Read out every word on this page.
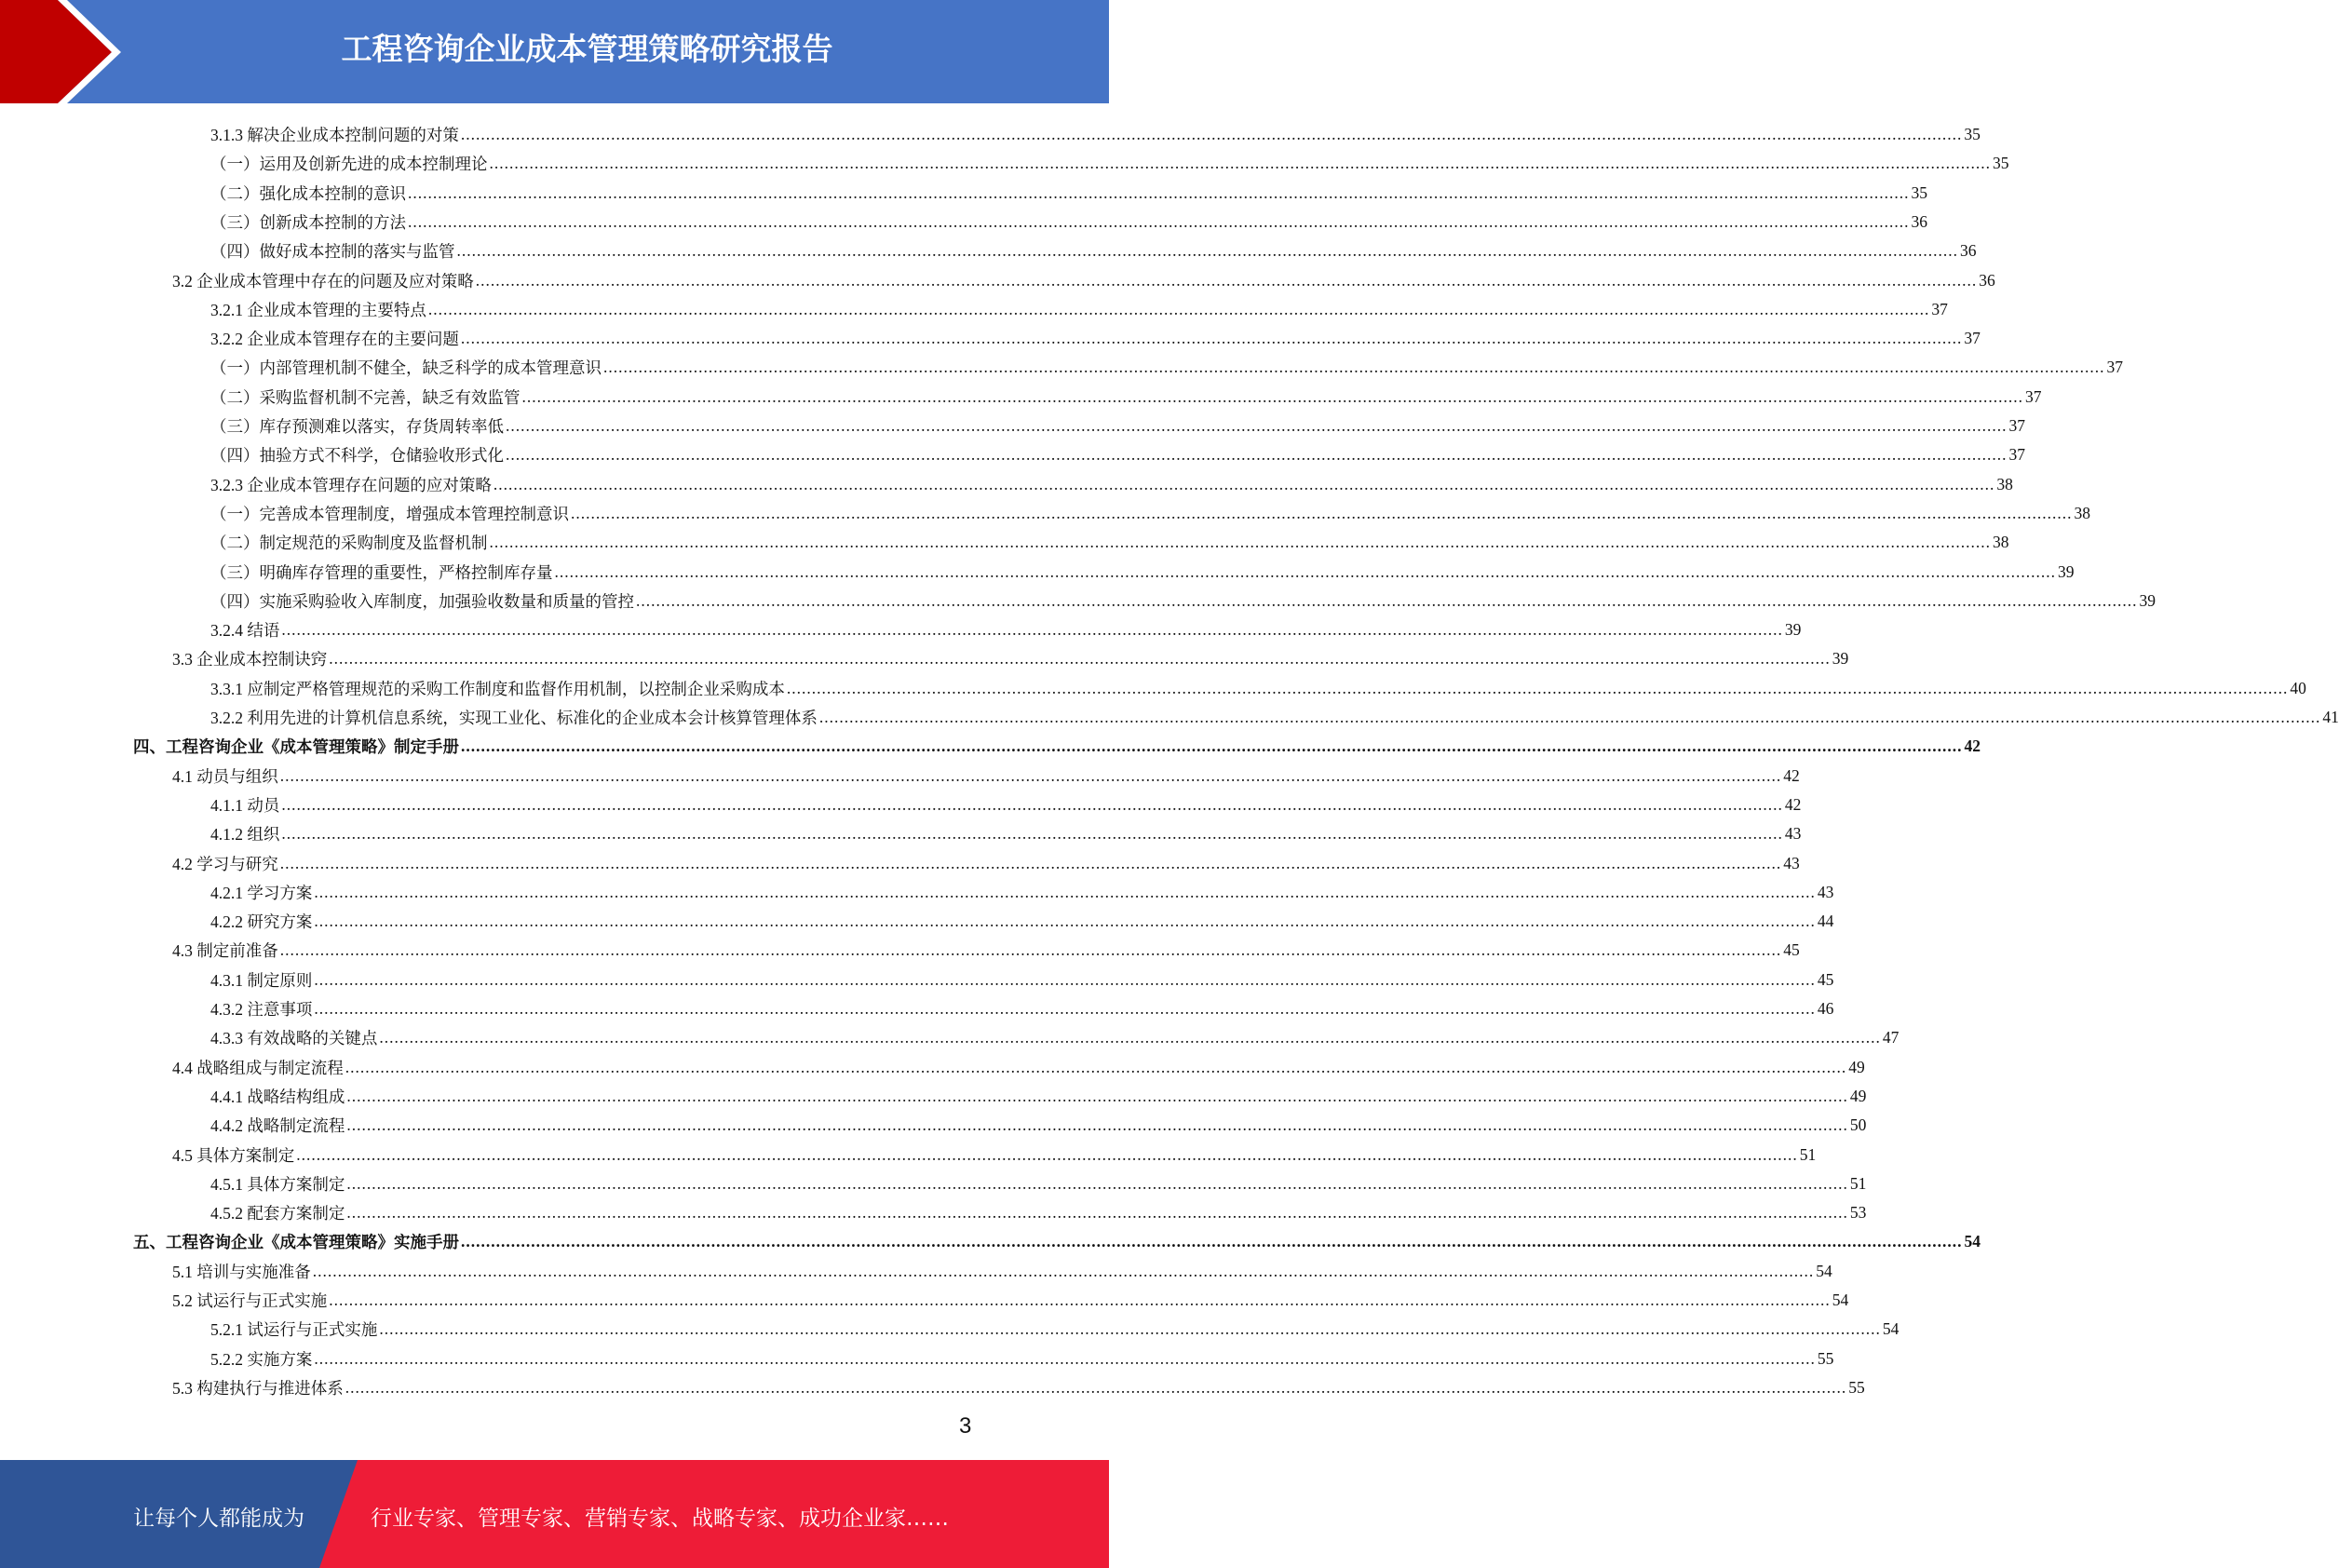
工程咨询企业成本管理策略研究报告
3.1.3 解决企业成本控制问题的对策 ............................................................................................................................................................................................................................................................................................................ 35
（一）运用及创新先进的成本控制理论 ............................................................................................................................................................................................................................................................................................................ 35
（二）强化成本控制的意识 ............................................................................................................................................................................................................................................................................................................ 35
（三）创新成本控制的方法 ............................................................................................................................................................................................................................................................................................................ 36
（四）做好成本控制的落实与监管 ............................................................................................................................................................................................................................................................................................................ 36
3.2 企业成本管理中存在的问题及应对策略 ............................................................................................................................................................................................................................................................................................................ 36
3.2.1 企业成本管理的主要特点 ............................................................................................................................................................................................................................................................................................................ 37
3.2.2 企业成本管理存在的主要问题 ............................................................................................................................................................................................................................................................................................................ 37
（一）内部管理机制不健全，缺乏科学的成本管理意识 ............................................................................................................................................................................................................................................................................................................ 37
（二）采购监督机制不完善，缺乏有效监管 ............................................................................................................................................................................................................................................................................................................ 37
（三）库存预测难以落实，存货周转率低 ............................................................................................................................................................................................................................................................................................................ 37
（四）抽验方式不科学，仓储验收形式化 ............................................................................................................................................................................................................................................................................................................ 37
3.2.3 企业成本管理存在问题的应对策略 ............................................................................................................................................................................................................................................................................................................ 38
（一）完善成本管理制度，增强成本管理控制意识 ............................................................................................................................................................................................................................................................................................................ 38
（二）制定规范的采购制度及监督机制 ............................................................................................................................................................................................................................................................................................................ 38
（三）明确库存管理的重要性，严格控制库存量 ............................................................................................................................................................................................................................................................................................................ 39
（四）实施采购验收入库制度，加强验收数量和质量的管控 ............................................................................................................................................................................................................................................................................................................ 39
3.2.4 结语 ............................................................................................................................................................................................................................................................................................................ 39
3.3 企业成本控制诀窍 ............................................................................................................................................................................................................................................................................................................ 39
3.3.1 应制定严格管理规范的采购工作制度和监督作用机制，以控制企业采购成本 ............................................................................................................................................................................................................................................................................................................ 40
3.2.2 利用先进的计算机信息系统，实现工业化、标准化的企业成本会计核算管理体系 ............................................................................................................................................................................................................................................................................................................ 41
四、工程咨询企业《成本管理策略》制定手册 ............................................................................................................................................................................................................................................................................................................ 42
4.1 动员与组织 ............................................................................................................................................................................................................................................................................................................ 42
4.1.1 动员 ............................................................................................................................................................................................................................................................................................................ 42
4.1.2 组织 ............................................................................................................................................................................................................................................................................................................ 43
4.2 学习与研究 ............................................................................................................................................................................................................................................................................................................ 43
4.2.1 学习方案 ............................................................................................................................................................................................................................................................................................................ 43
4.2.2 研究方案 ............................................................................................................................................................................................................................................................................................................ 44
4.3 制定前准备 ............................................................................................................................................................................................................................................................................................................ 45
4.3.1 制定原则 ............................................................................................................................................................................................................................................................................................................ 45
4.3.2 注意事项 ............................................................................................................................................................................................................................................................................................................ 46
4.3.3 有效战略的关键点 ............................................................................................................................................................................................................................................................................................................ 47
4.4 战略组成与制定流程 ............................................................................................................................................................................................................................................................................................................ 49
4.4.1 战略结构组成 ............................................................................................................................................................................................................................................................................................................ 49
4.4.2 战略制定流程 ............................................................................................................................................................................................................................................................................................................ 50
4.5 具体方案制定 ............................................................................................................................................................................................................................................................................................................ 51
4.5.1 具体方案制定 ............................................................................................................................................................................................................................................................................................................ 51
4.5.2 配套方案制定 ............................................................................................................................................................................................................................................................................................................ 53
五、工程咨询企业《成本管理策略》实施手册 ............................................................................................................................................................................................................................................................................................................ 54
5.1 培训与实施准备 ............................................................................................................................................................................................................................................................................................................ 54
5.2 试运行与正式实施 ............................................................................................................................................................................................................................................................................................................ 54
5.2.1 试运行与正式实施 ............................................................................................................................................................................................................................................................................................................ 54
5.2.2 实施方案 ............................................................................................................................................................................................................................................................................................................ 55
5.3 构建执行与推进体系 ............................................................................................................................................................................................................................................................................................................ 55
3
让每个人都能成为	行业专家、管理专家、营销专家、战略专家、成功企业家……
